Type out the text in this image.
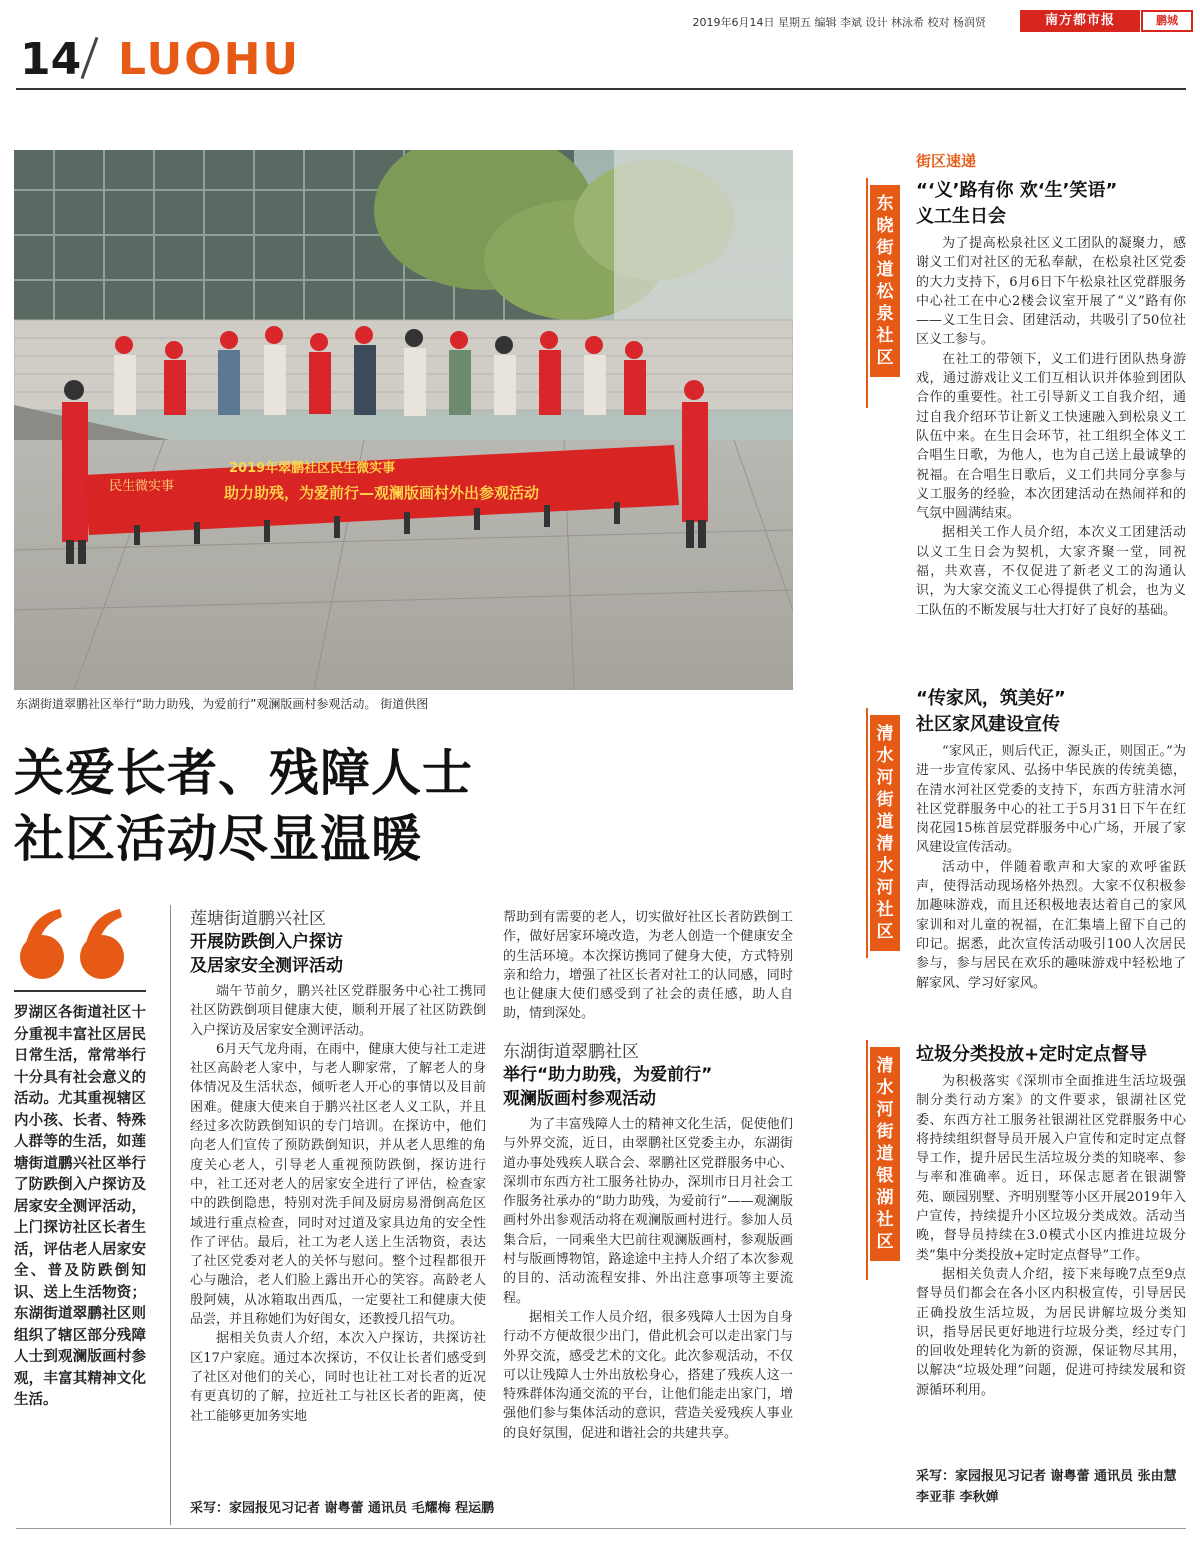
2019年6月14日 星期五 编辑 李斌 设计 林泳希 校对 杨润贤	南方都市报	鹏城
14 LUOHU
2019年翠鹏社区民生微实事
助力助残，为爱前行—观澜版画村外出参观活动
民生微实事
东湖街道翠鹏社区举行“助力助残，为爱前行”观澜版画村参观活动。 街道供图
关爱长者、残障人士
社区活动尽显温暖
罗湖区各街道社区十分重视丰富社区居民日常生活，常常举行十分具有社会意义的活动。尤其重视辖区内小孩、长者、特殊人群等的生活，如莲塘街道鹏兴社区举行了防跌倒入户探访及居家安全测评活动，上门探访社区长者生活，评估老人居家安全、普及防跌倒知识、送上生活物资；东湖街道翠鹏社区则组织了辖区部分残障人士到观澜版画村参观，丰富其精神文化生活。
莲塘街道鹏兴社区
开展防跌倒入户探访
及居家安全测评活动

端午节前夕，鹏兴社区党群服务中心社工携同社区防跌倒项目健康大使，顺利开展了社区防跌倒入户探访及居家安全测评活动。

6月天气龙舟雨，在雨中，健康大使与社工走进社区高龄老人家中，与老人聊家常，了解老人的身体情况及生活状态，倾听老人开心的事情以及目前困难。健康大使来自于鹏兴社区老人义工队，并且经过多次防跌倒知识的专门培训。在探访中，他们向老人们宣传了预防跌倒知识，并从老人思维的角度关心老人，引导老人重视预防跌倒，探访进行中，社工还对老人的居家安全进行了评估，检查家中的跌倒隐患，特别对洗手间及厨房易滑倒高危区域进行重点检查，同时对过道及家具边角的安全性作了评估。最后，社工为老人送上生活物资，表达了社区党委对老人的关怀与慰问。整个过程都很开心与融洽，老人们脸上露出开心的笑容。高龄老人殷阿姨，从冰箱取出西瓜，一定要社工和健康大使品尝，并且称她们为好闺女，还教授几招气功。

据相关负责人介绍，本次入户探访，共探访社区17户家庭。通过本次探访，不仅让长者们感受到了社区对他们的关心，同时也让社工对长者的近况有更真切的了解，拉近社工与社区长者的距离，使社工能够更加务实地

帮助到有需要的老人，切实做好社区长者防跌倒工作，做好居家环境改造，为老人创造一个健康安全的生活环境。本次探访携同了健身大使，方式特别亲和给力，增强了社区长者对社工的认同感，同时也让健康大使们感受到了社会的责任感，助人自助，情到深处。
采写：家园报见习记者 谢粤蕾 通讯员 毛耀梅 程运鹏
东湖街道翠鹏社区
举行“助力助残，为爱前行”
观澜版画村参观活动

为了丰富残障人士的精神文化生活，促使他们与外界交流，近日，由翠鹏社区党委主办，东湖街道办事处残疾人联合会、翠鹏社区党群服务中心、深圳市东西方社工服务社协办，深圳市日月社会工作服务社承办的“助力助残，为爱前行”——观澜版画村外出参观活动将在观澜版画村进行。参加人员集合后，一同乘坐大巴前往观澜版画村，参观版画村与版画博物馆，路途途中主持人介绍了本次参观的目的、活动流程安排、外出注意事项等主要流程。

据相关工作人员介绍，很多残障人士因为自身行动不方便故很少出门，借此机会可以走出家门与外界交流，感受艺术的文化。此次参观活动，不仅可以让残障人士外出放松身心，搭建了残疾人这一特殊群体沟通交流的平台，让他们能走出家门，增强他们参与集体活动的意识，营造关爱残疾人事业的良好氛围，促进和谐社会的共建共享。

街区速递
东晓街道松泉社区
“‘义’路有你 欢‘生’笑语”
义工生日会

为了提高松泉社区义工团队的凝聚力，感谢义工们对社区的无私奉献，在松泉社区党委的大力支持下，6月6日下午松泉社区党群服务中心社工在中心2楼会议室开展了“义”路有你——义工生日会、团建活动，共吸引了50位社区义工参与。

在社工的带领下，义工们进行团队热身游戏，通过游戏让义工们互相认识并体验到团队合作的重要性。社工引导新义工自我介绍，通过自我介绍环节让新义工快速融入到松泉义工队伍中来。在生日会环节，社工组织全体义工合唱生日歌，为他人，也为自己送上最诚挚的祝福。在合唱生日歌后，义工们共同分享参与义工服务的经验，本次团建活动在热闹祥和的气氛中圆满结束。

据相关工作人员介绍，本次义工团建活动以义工生日会为契机，大家齐聚一堂，同祝福，共欢喜，不仅促进了新老义工的沟通认识，为大家交流义工心得提供了机会，也为义工队伍的不断发展与壮大打好了良好的基础。

清水河街道清水河社区
“传家风，筑美好”
社区家风建设宣传

“家风正，则后代正，源头正，则国正。”为进一步宣传家风、弘扬中华民族的传统美德，在清水河社区党委的支持下，东西方驻清水河社区党群服务中心的社工于5月31日下午在红岗花园15栋首层党群服务中心广场，开展了家风建设宣传活动。

活动中，伴随着歌声和大家的欢呼雀跃声，使得活动现场格外热烈。大家不仅积极参加趣味游戏，而且还积极地表达着自己的家风家训和对儿童的祝福，在汇集墙上留下自己的印记。据悉，此次宣传活动吸引100人次居民参与，参与居民在欢乐的趣味游戏中轻松地了解家风、学习好家风。

清水河街道银湖社区
垃圾分类投放+定时定点督导

为积极落实《深圳市全面推进生活垃圾强制分类行动方案》的文件要求，银湖社区党委、东西方社工服务社银湖社区党群服务中心将持续组织督导员开展入户宣传和定时定点督导工作，提升居民生活垃圾分类的知晓率、参与率和准确率。近日，环保志愿者在银湖警苑、颐园别墅、齐明别墅等小区开展2019年入户宣传，持续提升小区垃圾分类成效。活动当晚，督导员持续在3.0模式小区内推进垃圾分类“集中分类投放+定时定点督导”工作。

据相关负责人介绍，接下来每晚7点至9点督导员们都会在各小区内积极宣传，引导居民正确投放生活垃圾，为居民讲解垃圾分类知识，指导居民更好地进行垃圾分类，经过专门的回收处理转化为新的资源，保证物尽其用，以解决“垃圾处理”问题，促进可持续发展和资源循环利用。

采写：家园报见习记者 谢粤蕾 通讯员 张由慧 李亚菲 李秋婵
